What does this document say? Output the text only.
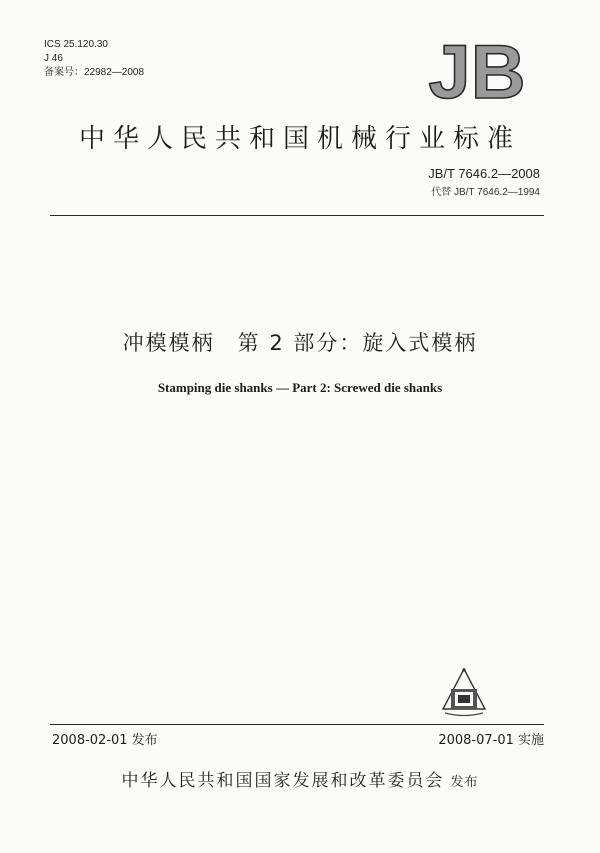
ICS 25.120.30
J 46
备案号：22982—2008	JB
中华人民共和国机械行业标准
JB/T 7646.2—2008
代替 JB/T 7646.2—1994
冲模模柄　第 2 部分：旋入式模柄
Stamping die shanks — Part 2: Screwed die shanks
2008-02-01 发布	2008-07-01 实施
中华人民共和国国家发展和改革委员会 发布
